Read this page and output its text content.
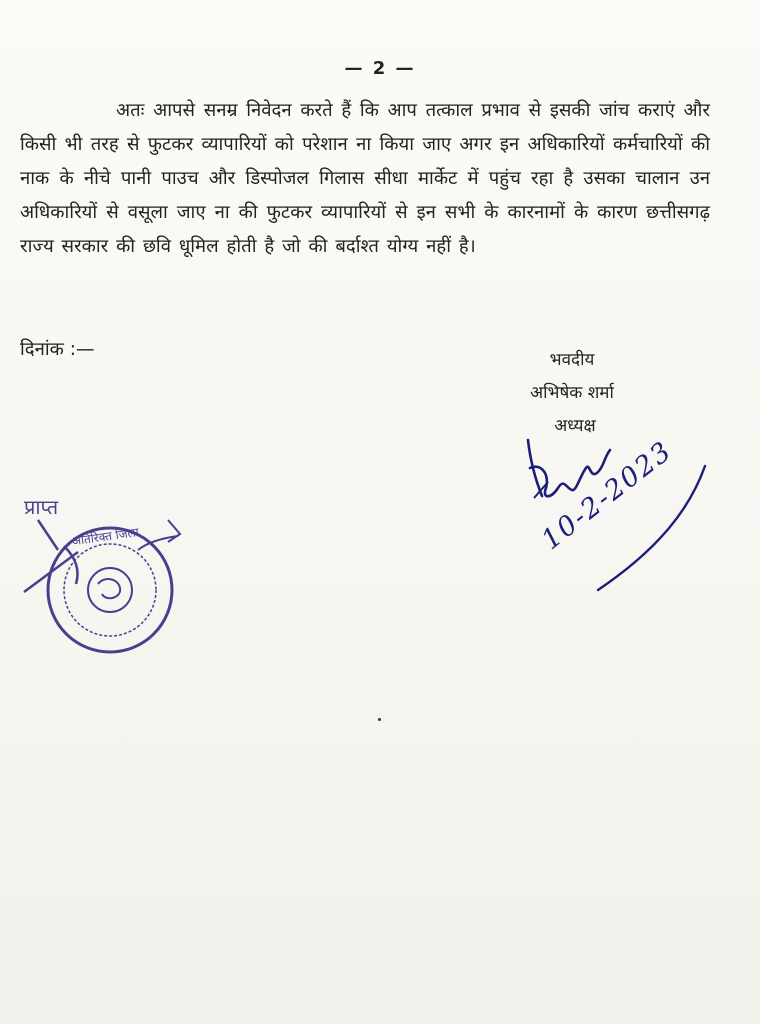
— 2 —
अतः आपसे सनम्र निवेदन करते हैं कि आप तत्काल प्रभाव से इसकी जांच कराएं और किसी भी तरह से फुटकर व्यापारियों को परेशान ना किया जाए अगर इन अधिकारियों कर्मचारियों की नाक के नीचे पानी पाउच और डिस्पोजल गिलास सीधा मार्केट में पहुंच रहा है उसका चालान उन अधिकारियों से वसूला जाए ना की फुटकर व्यापारियों से इन सभी के कारनामों के कारण छत्तीसगढ़ राज्य सरकार की छवि धूमिल होती है जो की बर्दाश्त योग्य नहीं है।
दिनांक :—	भवदीय
अभिषेक शर्मा
अध्यक्ष
10-2-2023
प्राप्त
अतिरिक्त जिला
